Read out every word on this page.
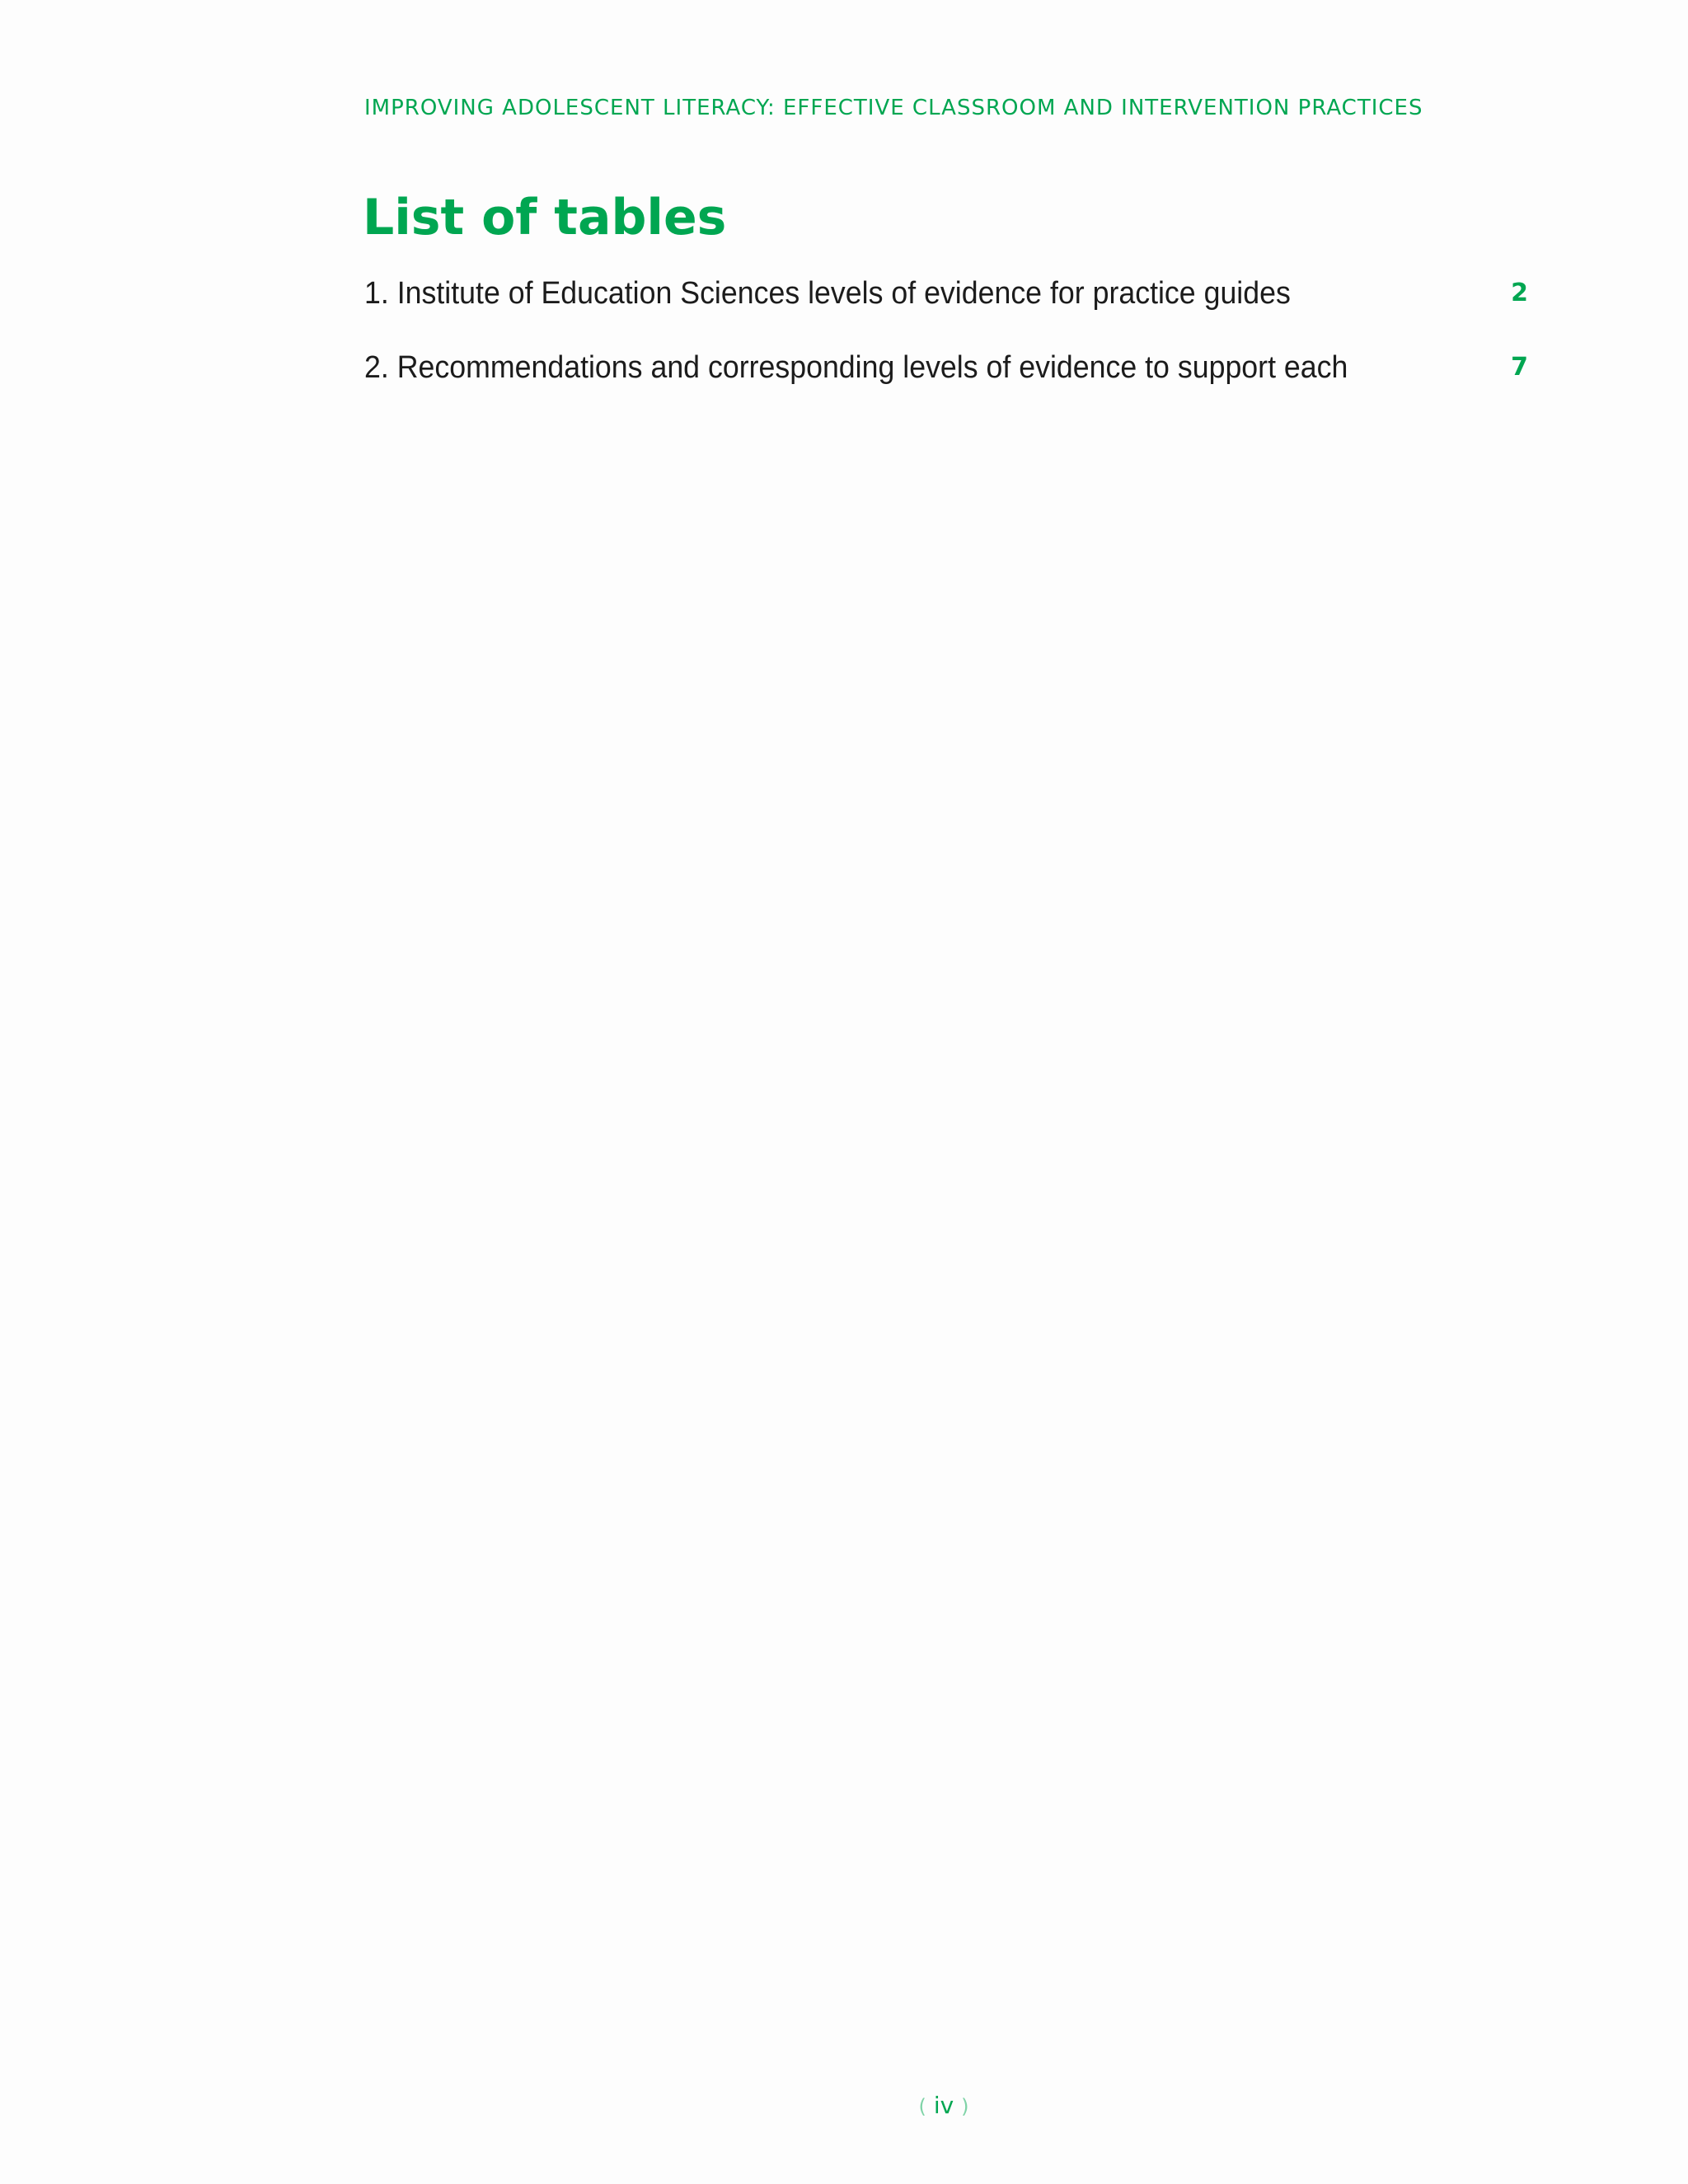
IMPROVING ADOLESCENT LITERACY: EFFECTIVE CLASSROOM AND INTERVENTION PRACTICES
List of tables
1. Institute of Education Sciences levels of evidence for practice guides	2
2. Recommendations and corresponding levels of evidence to support each	7
( iv )
